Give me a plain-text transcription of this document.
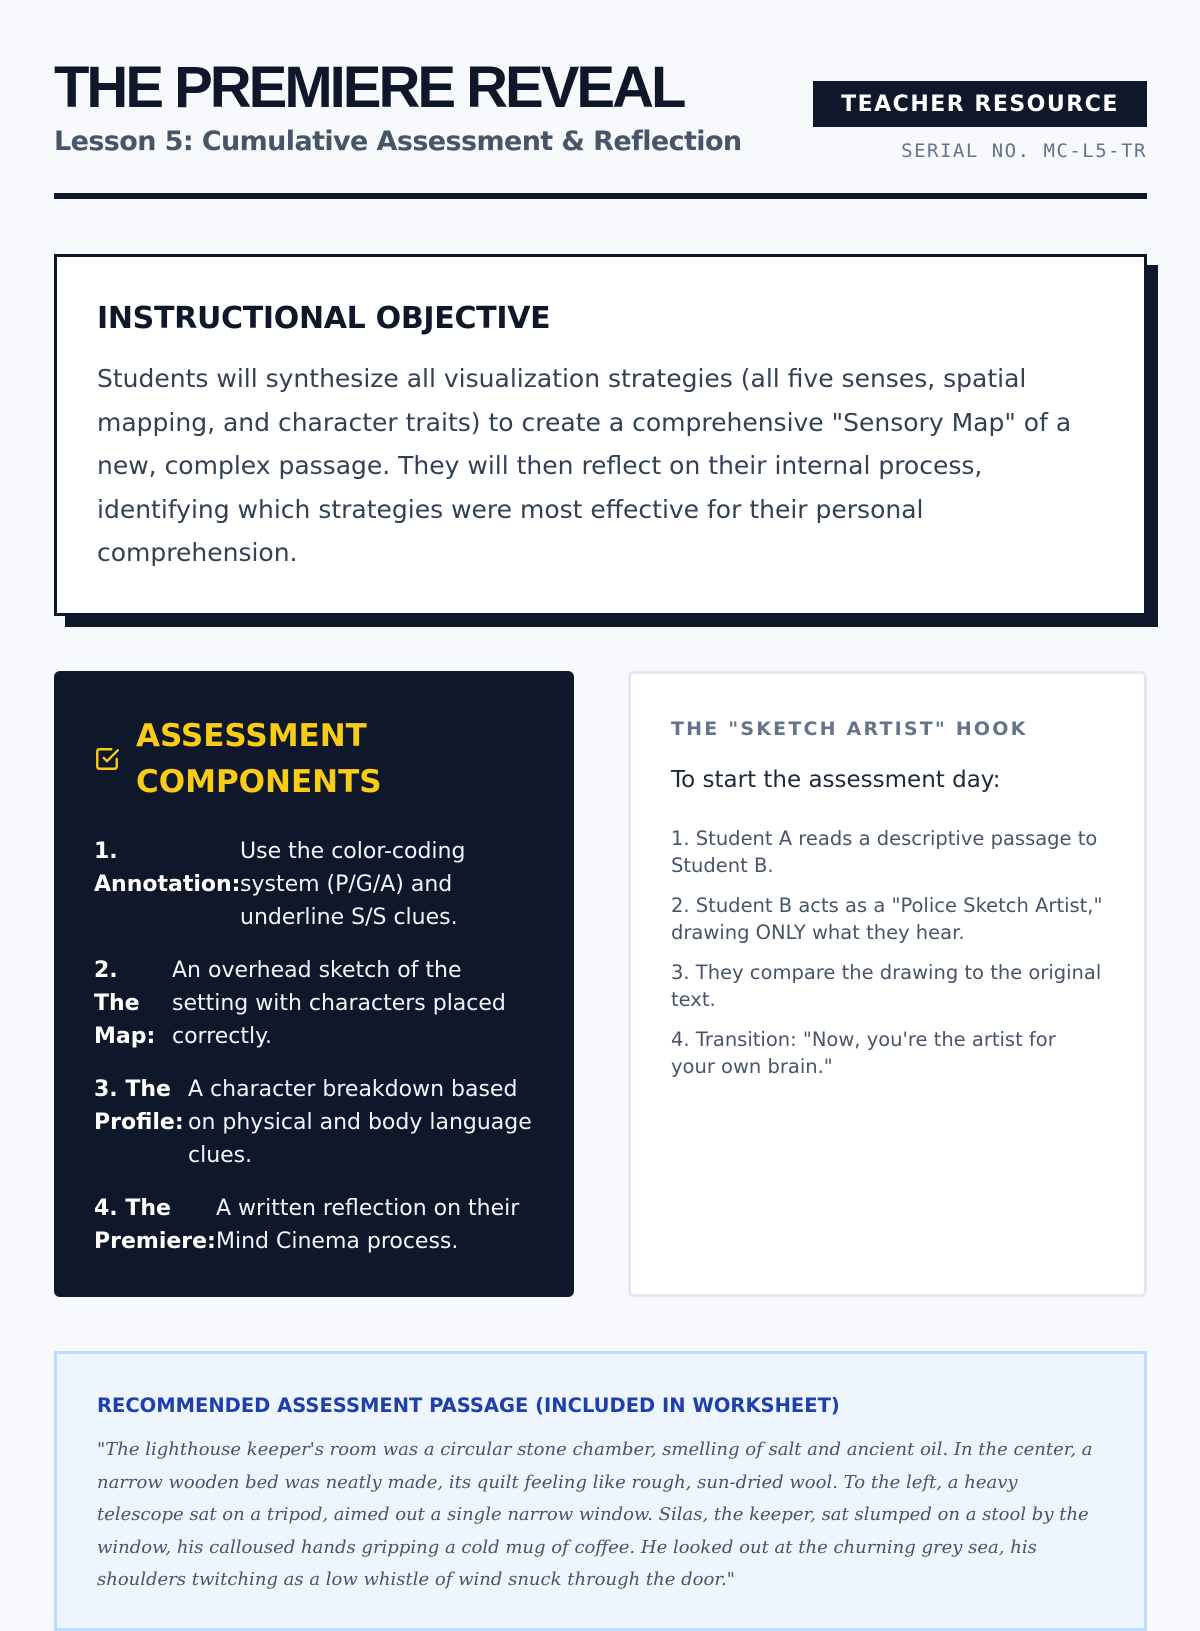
THE PREMIERE REVEAL
Lesson 5: Cumulative Assessment & Reflection
TEACHER RESOURCE
SERIAL NO. MC-L5-TR
INSTRUCTIONAL OBJECTIVE

Students will synthesize all visualization strategies (all five senses, spatial mapping, and character traits) to create a comprehensive "Sensory Map" of a new, complex passage. They will then reflect on their internal process, identifying which strategies were most effective for their personal comprehension.

ASSESSMENT COMPONENTS
1. Annotation:
Use the color-coding system (P/G/A) and underline S/S clues.
2. The Map:
An overhead sketch of the setting with characters placed correctly.
3. The Profile:
A character breakdown based on physical and body language clues.
4. The Premiere:
A written reflection on their Mind Cinema process.
THE "SKETCH ARTIST" HOOK

To start the assessment day:

1. Student A reads a descriptive passage to Student B.
2. Student B acts as a "Police Sketch Artist," drawing ONLY what they hear.
3. They compare the drawing to the original text.
4. Transition: "Now, you're the artist for your own brain."
RECOMMENDED ASSESSMENT PASSAGE (INCLUDED IN WORKSHEET)

"The lighthouse keeper's room was a circular stone chamber, smelling of salt and ancient oil. In the center, a narrow wooden bed was neatly made, its quilt feeling like rough, sun-dried wool. To the left, a heavy telescope sat on a tripod, aimed out a single narrow window. Silas, the keeper, sat slumped on a stool by the window, his calloused hands gripping a cold mug of coffee. He looked out at the churning grey sea, his shoulders twitching as a low whistle of wind snuck through the door."
